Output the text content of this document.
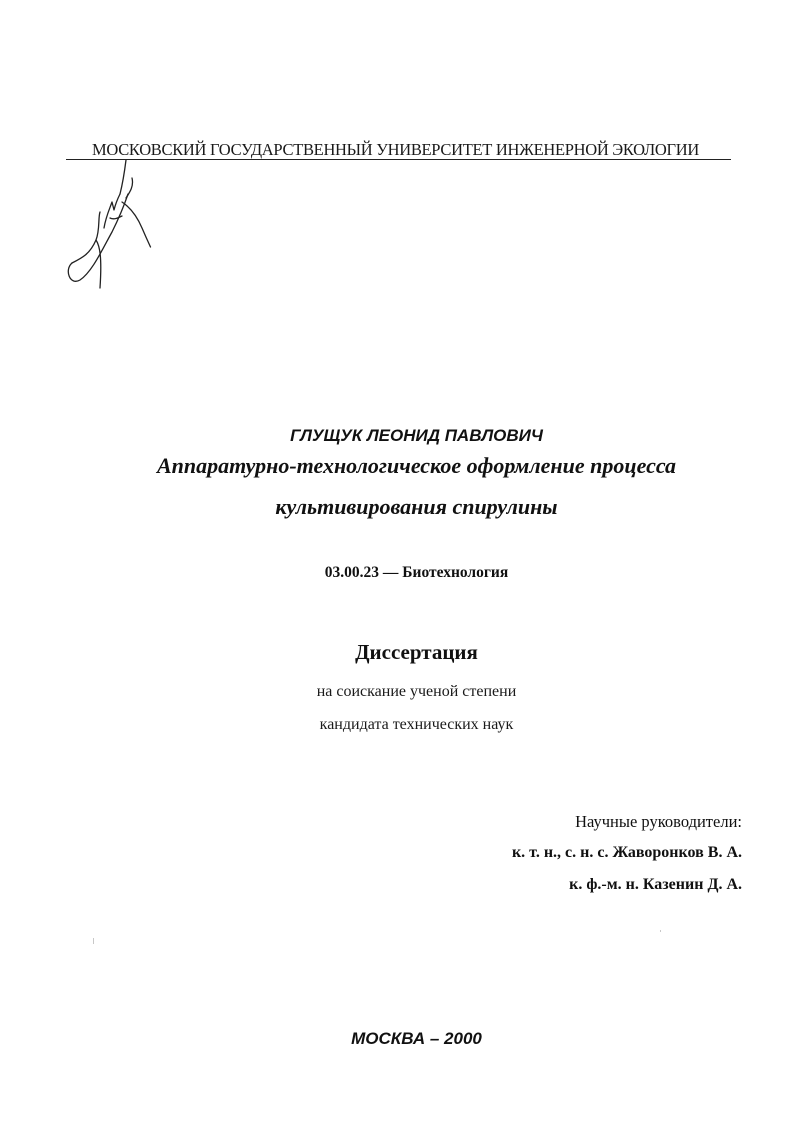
МОСКОВСКИЙ ГОСУДАРСТВЕННЫЙ УНИВЕРСИТЕТ ИНЖЕНЕРНОЙ ЭКОЛОГИИ
ГЛУЩУК ЛЕОНИД ПАВЛОВИЧ
Аппаратурно-технологическое оформление процесса
культивирования спирулины
03.00.23 — Биотехнология
Диссертация
на соискание ученой степени
кандидата технических наук
Научные руководители:
к. т. н., с. н. с. Жаворонков В. А.
к. ф.-м. н. Казенин Д. А.
МОСКВА – 2000
